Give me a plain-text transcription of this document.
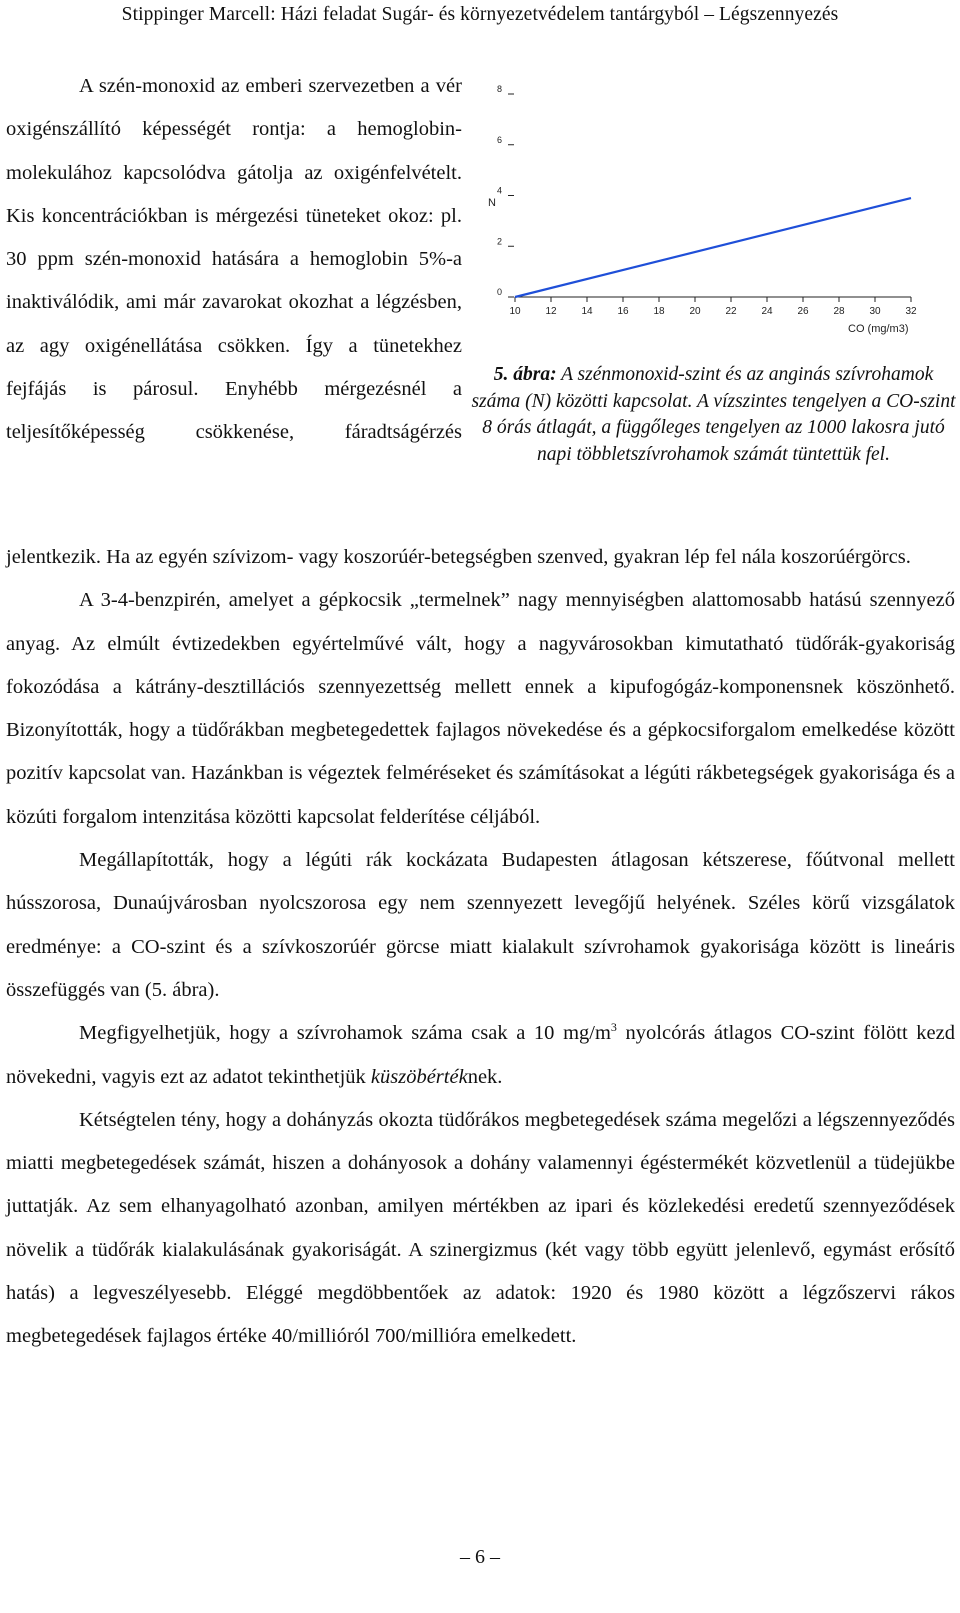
Stippinger Marcell: Házi feladat Sugár- és környezetvédelem tantárgyból – Légszennyezés

A szén-monoxid az emberi szervezetben a vér oxigénszállító képességét rontja: a hemoglobin-molekulához kapcsolódva gátolja az oxigénfelvételt. Kis koncentrációkban is mérgezési tüneteket okoz: pl. 30 ppm szén-monoxid hatására a hemoglobin 5%-a inaktiválódik, ami már zavarokat okozhat a légzésben, az agy oxigénellátása csökken. Így a tünetekhez fejfájás is párosul. Enyhébb mérgezésnél a teljesítőképesség csökkenése, fáradtságérzés

0
2
4
6
8
10 12 14 16 18 20 22 24 26 28 30 32
N
CO (mg/m3)
5. ábra: A szénmonoxid-szint és az anginás szívrohamok száma (N) közötti kapcsolat. A vízszintes tengelyen a CO-szint 8 órás átlagát, a függőleges tengelyen az 1000 lakosra jutó napi többletszívrohamok számát tüntettük fel.

jelentkezik. Ha az egyén szívizom- vagy koszorúér-betegségben szenved, gyakran lép fel nála koszorúérgörcs.

A 3-4-benzpirén, amelyet a gépkocsik „termelnek” nagy mennyiségben alattomosabb hatású szennyező anyag. Az elmúlt évtizedekben egyértelművé vált, hogy a nagyvárosokban kimutatható tüdőrák-gyakoriság fokozódása a kátrány-desztillációs szennyezettség mellett ennek a kipufogógáz-komponensnek köszönhető. Bizonyították, hogy a tüdőrákban megbetegedettek fajlagos növekedése és a gépkocsiforgalom emelkedése között pozitív kapcsolat van. Hazánkban is végeztek felméréseket és számításokat a légúti rákbetegségek gyakorisága és a közúti forgalom intenzitása közötti kapcsolat felderítése céljából.

Megállapították, hogy a légúti rák kockázata Budapesten átlagosan kétszerese, főútvonal mellett hússzorosa, Dunaújvárosban nyolcszorosa egy nem szennyezett levegőjű helyének. Széles körű vizsgálatok eredménye: a CO-szint és a szívkoszorúér görcse miatt kialakult szívrohamok gyakorisága között is lineáris összefüggés van (5. ábra).

Megfigyelhetjük, hogy a szívrohamok száma csak a 10 $mg/m^3$ nyolcórás átlagos CO-szint fölött kezd növekedni, vagyis ezt az adatot tekinthetjük küszöbértéknek.

Kétségtelen tény, hogy a dohányzás okozta tüdőrákos megbetegedések száma megelőzi a légszennyeződés miatti megbetegedések számát, hiszen a dohányosok a dohány valamennyi égéstermékét közvetlenül a tüdejükbe juttatják. Az sem elhanyagolható azonban, amilyen mértékben az ipari és közlekedési eredetű szennyeződések növelik a tüdőrák kialakulásának gyakoriságát. A szinergizmus (két vagy több együtt jelenlevő, egymást erősítő hatás) a legveszélyesebb. Eléggé megdöbbentőek az adatok: 1920 és 1980 között a légzőszervi rákos megbetegedések fajlagos értéke 40/millióról 700/millióra emelkedett.

– 6 –
